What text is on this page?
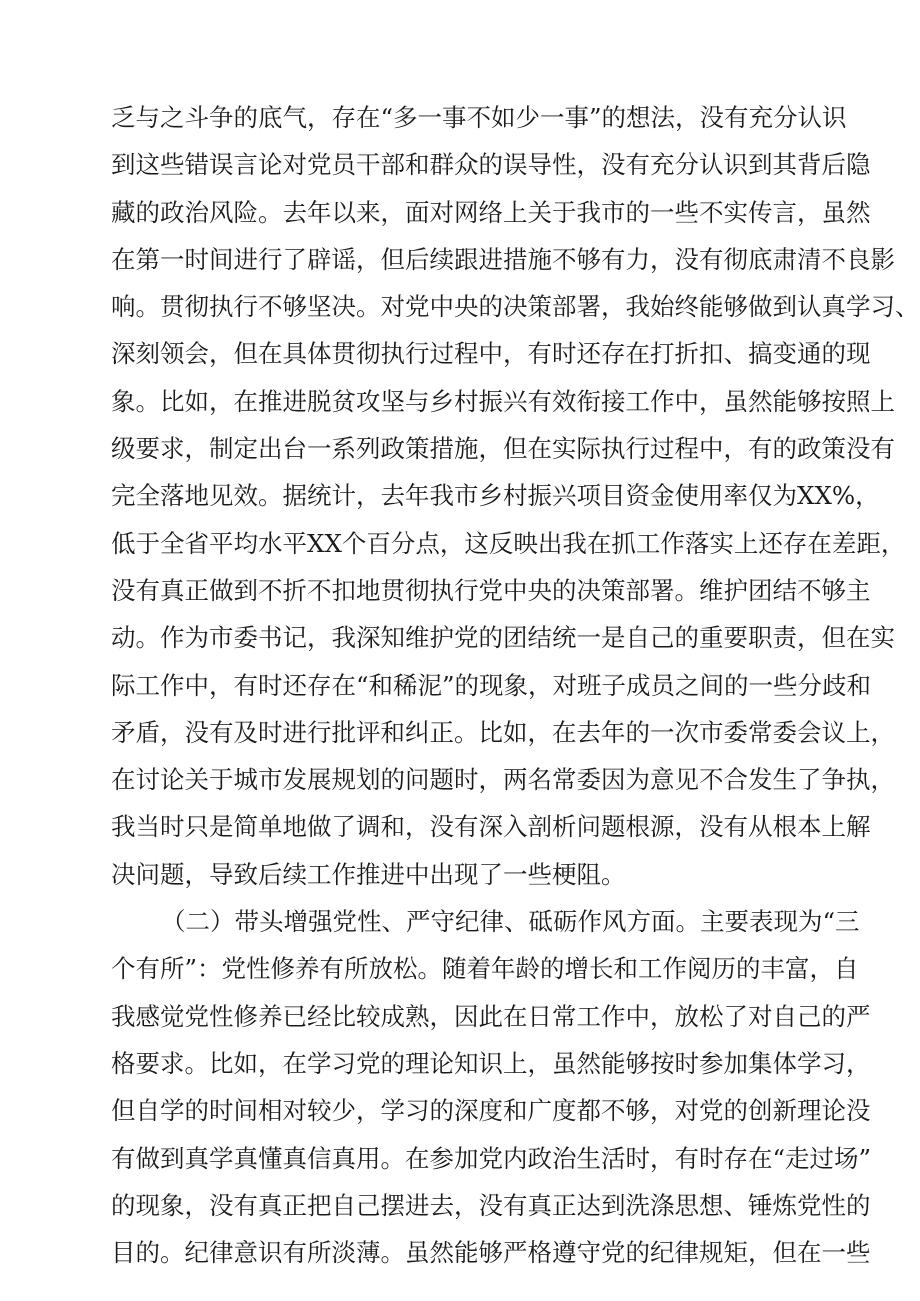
乏与之斗争的底气，存在“多一事不如少一事”的想法，没有充分认识
到这些错误言论对党员干部和群众的误导性，没有充分认识到其背后隐
藏的政治风险。去年以来，面对网络上关于我市的一些不实传言，虽然
在第一时间进行了辟谣，但后续跟进措施不够有力，没有彻底肃清不良影
响。贯彻执行不够坚决。对党中央的决策部署，我始终能够做到认真学习、
深刻领会，但在具体贯彻执行过程中，有时还存在打折扣、搞变通的现
象。比如，在推进脱贫攻坚与乡村振兴有效衔接工作中，虽然能够按照上
级要求，制定出台一系列政策措施，但在实际执行过程中，有的政策没有
完全落地见效。据统计，去年我市乡村振兴项目资金使用率仅为XX%，
低于全省平均水平XX个百分点，这反映出我在抓工作落实上还存在差距，
没有真正做到不折不扣地贯彻执行党中央的决策部署。维护团结不够主
动。作为市委书记，我深知维护党的团结统一是自己的重要职责，但在实
际工作中，有时还存在“和稀泥”的现象，对班子成员之间的一些分歧和
矛盾，没有及时进行批评和纠正。比如，在去年的一次市委常委会议上，
在讨论关于城市发展规划的问题时，两名常委因为意见不合发生了争执，
我当时只是简单地做了调和，没有深入剖析问题根源，没有从根本上解
决问题，导致后续工作推进中出现了一些梗阻。
（二）带头增强党性、严守纪律、砥砺作风方面。主要表现为“三
个有所”：党性修养有所放松。随着年龄的增长和工作阅历的丰富，自
我感觉党性修养已经比较成熟，因此在日常工作中，放松了对自己的严
格要求。比如，在学习党的理论知识上，虽然能够按时参加集体学习，
但自学的时间相对较少，学习的深度和广度都不够，对党的创新理论没
有做到真学真懂真信真用。在参加党内政治生活时，有时存在“走过场”
的现象，没有真正把自己摆进去，没有真正达到洗涤思想、锤炼党性的
目的。纪律意识有所淡薄。虽然能够严格遵守党的纪律规矩，但在一些
